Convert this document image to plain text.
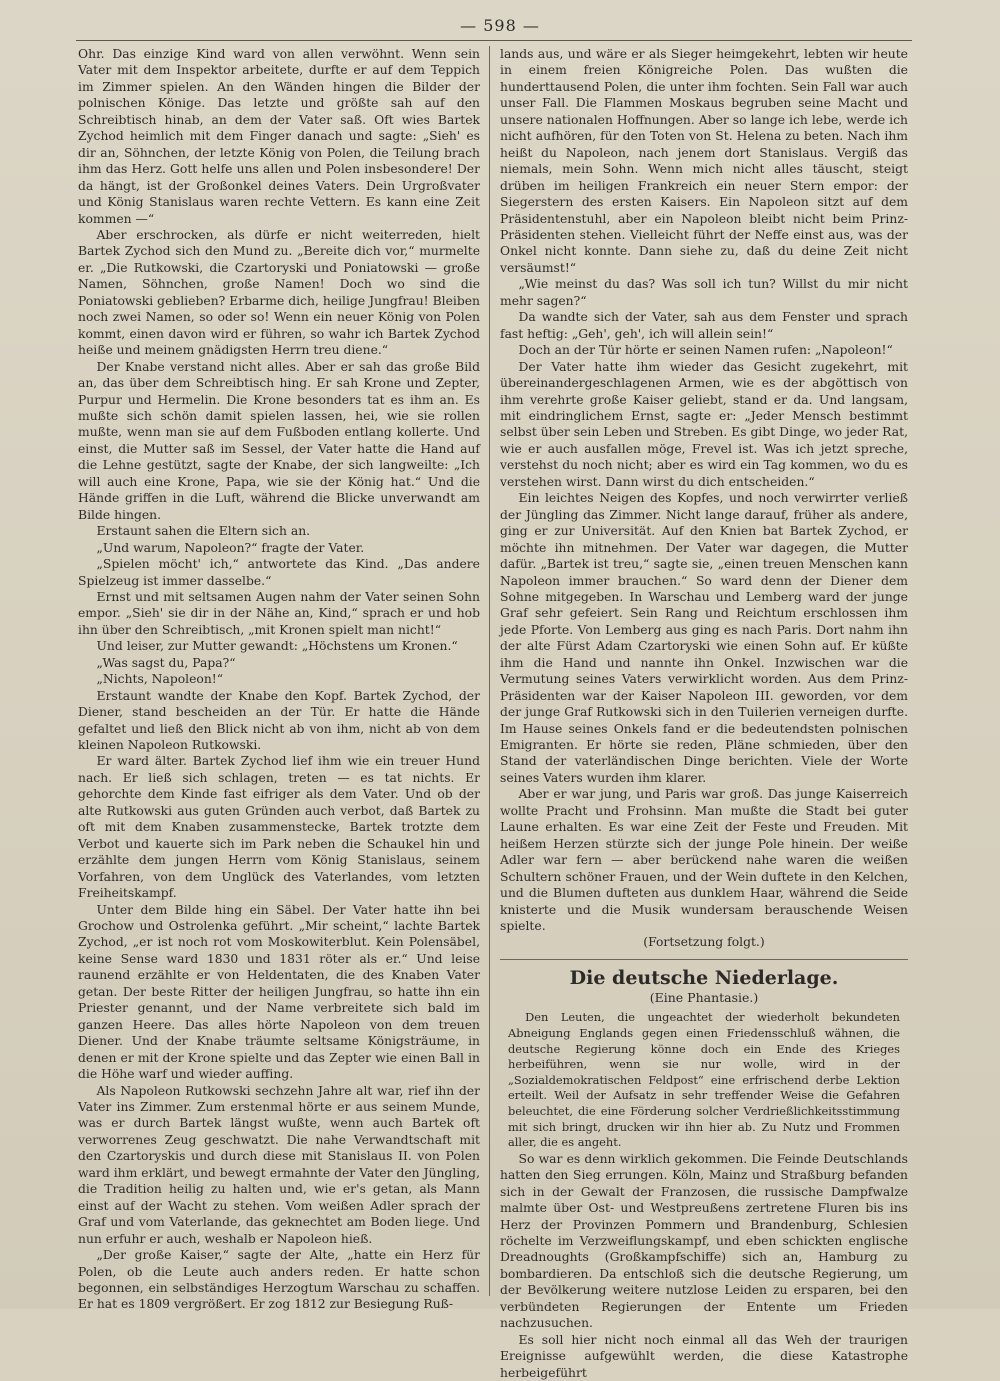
— 598 —

Ohr. Das einzige Kind ward von allen verwöhnt. Wenn sein Vater mit dem Inspektor arbeitete, durfte er auf dem Teppich im Zimmer spielen. An den Wänden hingen die Bilder der polnischen Könige. Das letzte und größte sah auf den Schreibtisch hinab, an dem der Vater saß. Oft wies Bartek Zychod heimlich mit dem Finger danach und sagte: „Sieh' es dir an, Söhnchen, der letzte König von Polen, die Teilung brach ihm das Herz. Gott helfe uns allen und Polen insbesondere! Der da hängt, ist der Großonkel deines Vaters. Dein Urgroßvater und König Stanislaus waren rechte Vettern. Es kann eine Zeit kommen —“

Aber erschrocken, als dürfe er nicht weiterreden, hielt Bartek Zychod sich den Mund zu. „Bereite dich vor,“ murmelte er. „Die Rutkowski, die Czartoryski und Poniatowski — große Namen, Söhnchen, große Namen! Doch wo sind die Poniatowski geblieben? Erbarme dich, heilige Jungfrau! Bleiben noch zwei Namen, so oder so! Wenn ein neuer König von Polen kommt, einen davon wird er führen, so wahr ich Bartek Zychod heiße und meinem gnädigsten Herrn treu diene.“

Der Knabe verstand nicht alles. Aber er sah das große Bild an, das über dem Schreibtisch hing. Er sah Krone und Zepter, Purpur und Hermelin. Die Krone besonders tat es ihm an. Es mußte sich schön damit spielen lassen, hei, wie sie rollen mußte, wenn man sie auf dem Fußboden entlang kollerte. Und einst, die Mutter saß im Sessel, der Vater hatte die Hand auf die Lehne gestützt, sagte der Knabe, der sich langweilte: „Ich will auch eine Krone, Papa, wie sie der König hat.“ Und die Hände griffen in die Luft, während die Blicke unverwandt am Bilde hingen.

Erstaunt sahen die Eltern sich an.

„Und warum, Napoleon?“ fragte der Vater.

„Spielen möcht' ich,“ antwortete das Kind. „Das andere Spielzeug ist immer dasselbe.“

Ernst und mit seltsamen Augen nahm der Vater seinen Sohn empor. „Sieh' sie dir in der Nähe an, Kind,“ sprach er und hob ihn über den Schreibtisch, „mit Kronen spielt man nicht!“

Und leiser, zur Mutter gewandt: „Höchstens um Kronen.“

„Was sagst du, Papa?“

„Nichts, Napoleon!“

Erstaunt wandte der Knabe den Kopf. Bartek Zychod, der Diener, stand bescheiden an der Tür. Er hatte die Hände gefaltet und ließ den Blick nicht ab von ihm, nicht ab von dem kleinen Napoleon Rutkowski.

Er ward älter. Bartek Zychod lief ihm wie ein treuer Hund nach. Er ließ sich schlagen, treten — es tat nichts. Er gehorchte dem Kinde fast eifriger als dem Vater. Und ob der alte Rutkowski aus guten Gründen auch verbot, daß Bartek zu oft mit dem Knaben zusammenstecke, Bartek trotzte dem Verbot und kauerte sich im Park neben die Schaukel hin und erzählte dem jungen Herrn vom König Stanislaus, seinem Vorfahren, von dem Unglück des Vaterlandes, vom letzten Freiheitskampf.

Unter dem Bilde hing ein Säbel. Der Vater hatte ihn bei Grochow und Ostrolenka geführt. „Mir scheint,“ lachte Bartek Zychod, „er ist noch rot vom Moskowiterblut. Kein Polensäbel, keine Sense ward 1830 und 1831 röter als er.“ Und leise raunend erzählte er von Heldentaten, die des Knaben Vater getan. Der beste Ritter der heiligen Jungfrau, so hatte ihn ein Priester genannt, und der Name verbreitete sich bald im ganzen Heere. Das alles hörte Napoleon von dem treuen Diener. Und der Knabe träumte seltsame Königsträume, in denen er mit der Krone spielte und das Zepter wie einen Ball in die Höhe warf und wieder auffing.

Als Napoleon Rutkowski sechzehn Jahre alt war, rief ihn der Vater ins Zimmer. Zum erstenmal hörte er aus seinem Munde, was er durch Bartek längst wußte, wenn auch Bartek oft verworrenes Zeug geschwatzt. Die nahe Verwandtschaft mit den Czartoryskis und durch diese mit Stanislaus II. von Polen ward ihm erklärt, und bewegt ermahnte der Vater den Jüngling, die Tradition heilig zu halten und, wie er's getan, als Mann einst auf der Wacht zu stehen. Vom weißen Adler sprach der Graf und vom Vaterlande, das geknechtet am Boden liege. Und nun erfuhr er auch, weshalb er Napoleon hieß.

„Der große Kaiser,“ sagte der Alte, „hatte ein Herz für Polen, ob die Leute auch anders reden. Er hatte schon begonnen, ein selbständiges Herzogtum Warschau zu schaffen. Er hat es 1809 vergrößert. Er zog 1812 zur Besiegung Ruß-

lands aus, und wäre er als Sieger heimgekehrt, lebten wir heute in einem freien Königreiche Polen. Das wußten die hunderttausend Polen, die unter ihm fochten. Sein Fall war auch unser Fall. Die Flammen Moskaus begruben seine Macht und unsere nationalen Hoffnungen. Aber so lange ich lebe, werde ich nicht aufhören, für den Toten von St. Helena zu beten. Nach ihm heißt du Napoleon, nach jenem dort Stanislaus. Vergiß das niemals, mein Sohn. Wenn mich nicht alles täuscht, steigt drüben im heiligen Frankreich ein neuer Stern empor: der Siegerstern des ersten Kaisers. Ein Napoleon sitzt auf dem Präsidentenstuhl, aber ein Napoleon bleibt nicht beim Prinz-Präsidenten stehen. Vielleicht führt der Neffe einst aus, was der Onkel nicht konnte. Dann siehe zu, daß du deine Zeit nicht versäumst!“

„Wie meinst du das? Was soll ich tun? Willst du mir nicht mehr sagen?“

Da wandte sich der Vater, sah aus dem Fenster und sprach fast heftig: „Geh', geh', ich will allein sein!“

Doch an der Tür hörte er seinen Namen rufen: „Napoleon!“

Der Vater hatte ihm wieder das Gesicht zugekehrt, mit übereinandergeschlagenen Armen, wie es der abgöttisch von ihm verehrte große Kaiser geliebt, stand er da. Und langsam, mit eindringlichem Ernst, sagte er: „Jeder Mensch bestimmt selbst über sein Leben und Streben. Es gibt Dinge, wo jeder Rat, wie er auch ausfallen möge, Frevel ist. Was ich jetzt spreche, verstehst du noch nicht; aber es wird ein Tag kommen, wo du es verstehen wirst. Dann wirst du dich entscheiden.“

Ein leichtes Neigen des Kopfes, und noch verwirrter verließ der Jüngling das Zimmer. Nicht lange darauf, früher als andere, ging er zur Universität. Auf den Knien bat Bartek Zychod, er möchte ihn mitnehmen. Der Vater war dagegen, die Mutter dafür. „Bartek ist treu,“ sagte sie, „einen treuen Menschen kann Napoleon immer brauchen.“ So ward denn der Diener dem Sohne mitgegeben. In Warschau und Lemberg ward der junge Graf sehr gefeiert. Sein Rang und Reichtum erschlossen ihm jede Pforte. Von Lemberg aus ging es nach Paris. Dort nahm ihn der alte Fürst Adam Czartoryski wie einen Sohn auf. Er küßte ihm die Hand und nannte ihn Onkel. Inzwischen war die Vermutung seines Vaters verwirklicht worden. Aus dem Prinz-Präsidenten war der Kaiser Napoleon III. geworden, vor dem der junge Graf Rutkowski sich in den Tuilerien verneigen durfte. Im Hause seines Onkels fand er die bedeutendsten polnischen Emigranten. Er hörte sie reden, Pläne schmieden, über den Stand der vaterländischen Dinge berichten. Viele der Worte seines Vaters wurden ihm klarer.

Aber er war jung, und Paris war groß. Das junge Kaiserreich wollte Pracht und Frohsinn. Man mußte die Stadt bei guter Laune erhalten. Es war eine Zeit der Feste und Freuden. Mit heißem Herzen stürzte sich der junge Pole hinein. Der weiße Adler war fern — aber berückend nahe waren die weißen Schultern schöner Frauen, und der Wein duftete in den Kelchen, und die Blumen dufteten aus dunklem Haar, während die Seide knisterte und die Musik wundersam berauschende Weisen spielte.

(Fortsetzung folgt.)

Die deutsche Niederlage.
(Eine Phantasie.)

Den Leuten, die ungeachtet der wiederholt bekundeten Abneigung Englands gegen einen Friedensschluß wähnen, die deutsche Regierung könne doch ein Ende des Krieges herbeiführen, wenn sie nur wolle, wird in der „Sozialdemokratischen Feldpost“ eine erfrischend derbe Lektion erteilt. Weil der Aufsatz in sehr treffender Weise die Gefahren beleuchtet, die eine Förderung solcher Verdrießlichkeitsstimmung mit sich bringt, drucken wir ihn hier ab. Zu Nutz und Frommen aller, die es angeht.

So war es denn wirklich gekommen. Die Feinde Deutschlands hatten den Sieg errungen. Köln, Mainz und Straßburg befanden sich in der Gewalt der Franzosen, die russische Dampfwalze malmte über Ost- und Westpreußens zertretene Fluren bis ins Herz der Provinzen Pommern und Brandenburg, Schlesien röchelte im Verzweiflungskampf, und eben schickten englische Dreadnoughts (Großkampfschiffe) sich an, Hamburg zu bombardieren. Da entschloß sich die deutsche Regierung, um der Bevölkerung weitere nutzlose Leiden zu ersparen, bei den verbündeten Regierungen der Entente um Frieden nachzusuchen.

Es soll hier nicht noch einmal all das Weh der traurigen Ereignisse aufgewühlt werden, die diese Katastrophe herbeigeführt
